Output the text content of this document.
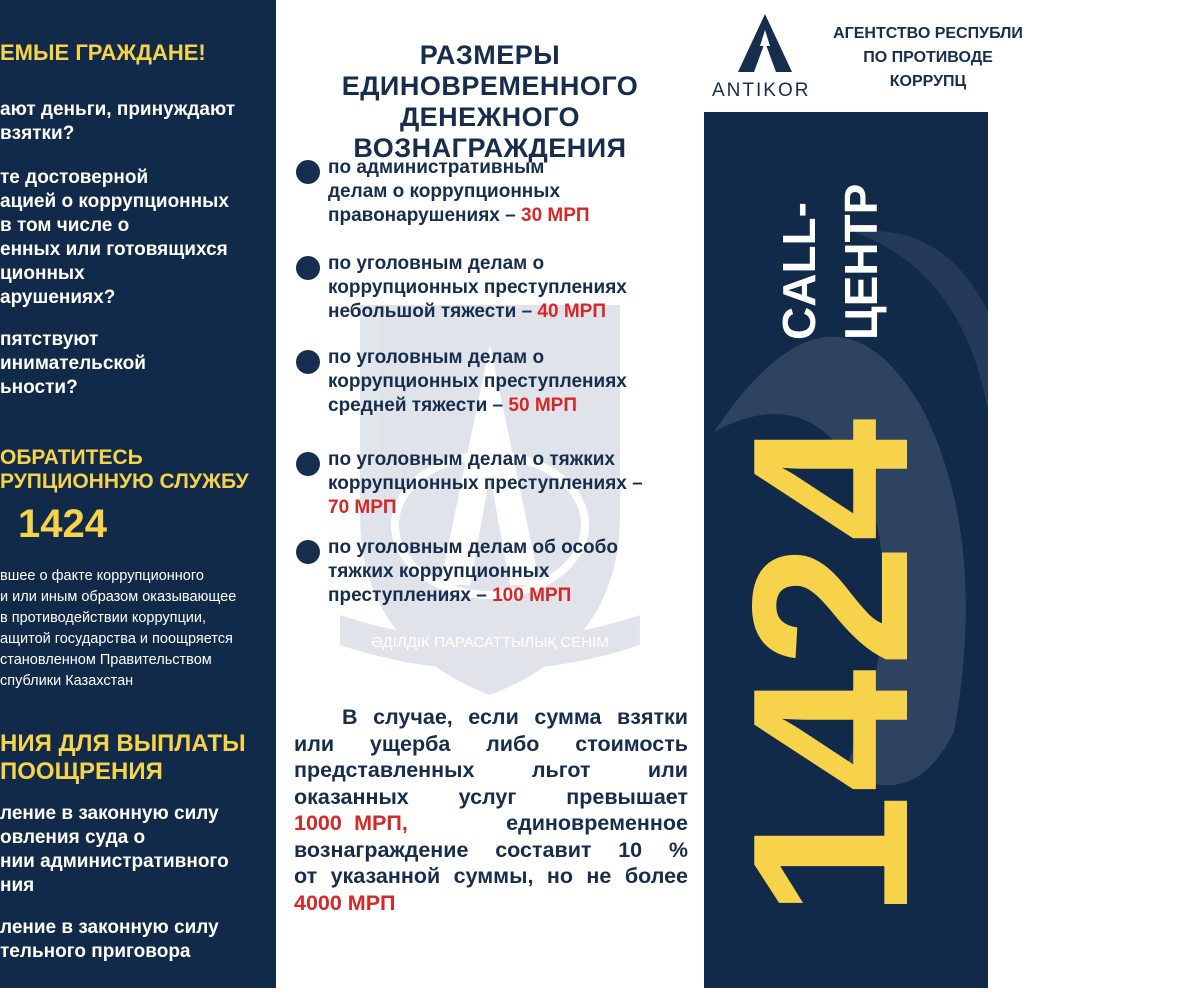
ЕМЫЕ ГРАЖДАНЕ!
ают деньги, принуждают
взятки?
те достоверной
ацией о коррупционных
в том числе о
енных или готовящихся
ционных
арушениях?
пятствуют
инимательской
ьности?
ОБРАТИТЕСЬ
РУПЦИОННУЮ СЛУЖБУ
1424
вшее о факте коррупционного
и или иным образом оказывающее
в противодействии коррупции,
ащитой государства и поощряется
становленном Правительством
спублики Казахстан
НИЯ ДЛЯ ВЫПЛАТЫ
ПООЩРЕНИЯ
ление в законную силу
овления суда о
нии административного
ния
ление в законную силу
тельного приговора
РАЗМЕРЫ ЕДИНОВРЕМЕННОГО
ДЕНЕЖНОГО ВОЗНАГРАЖДЕНИЯ
ӘДІЛДІК ПАРАСАТТЫЛЫҚ СЕНІМ
по административным
делам о коррупционных
правонарушениях – 30 МРП
по уголовным делам о
коррупционных преступлениях
небольшой тяжести – 40 МРП
по уголовным делам о
коррупционных преступлениях
средней тяжести – 50 МРП
по уголовным делам о тяжких
коррупционных преступлениях –
70 МРП
по уголовным делам об особо
тяжких коррупционных
преступлениях – 100 МРП
В случае, если сумма взятки
или ущерба либо стоимость
представленных льгот или
оказанных услуг превышает
1000 МРП,	единовременное
вознаграждение составит 10 %
от указанной суммы, но не более
4000 МРП
ANTIKOR
АГЕНТСТВО РЕСПУБЛИ
ПО ПРОТИВОДЕ
КОРРУПЦ
CALL- ЦЕНТР
1424 ANTIKOR
